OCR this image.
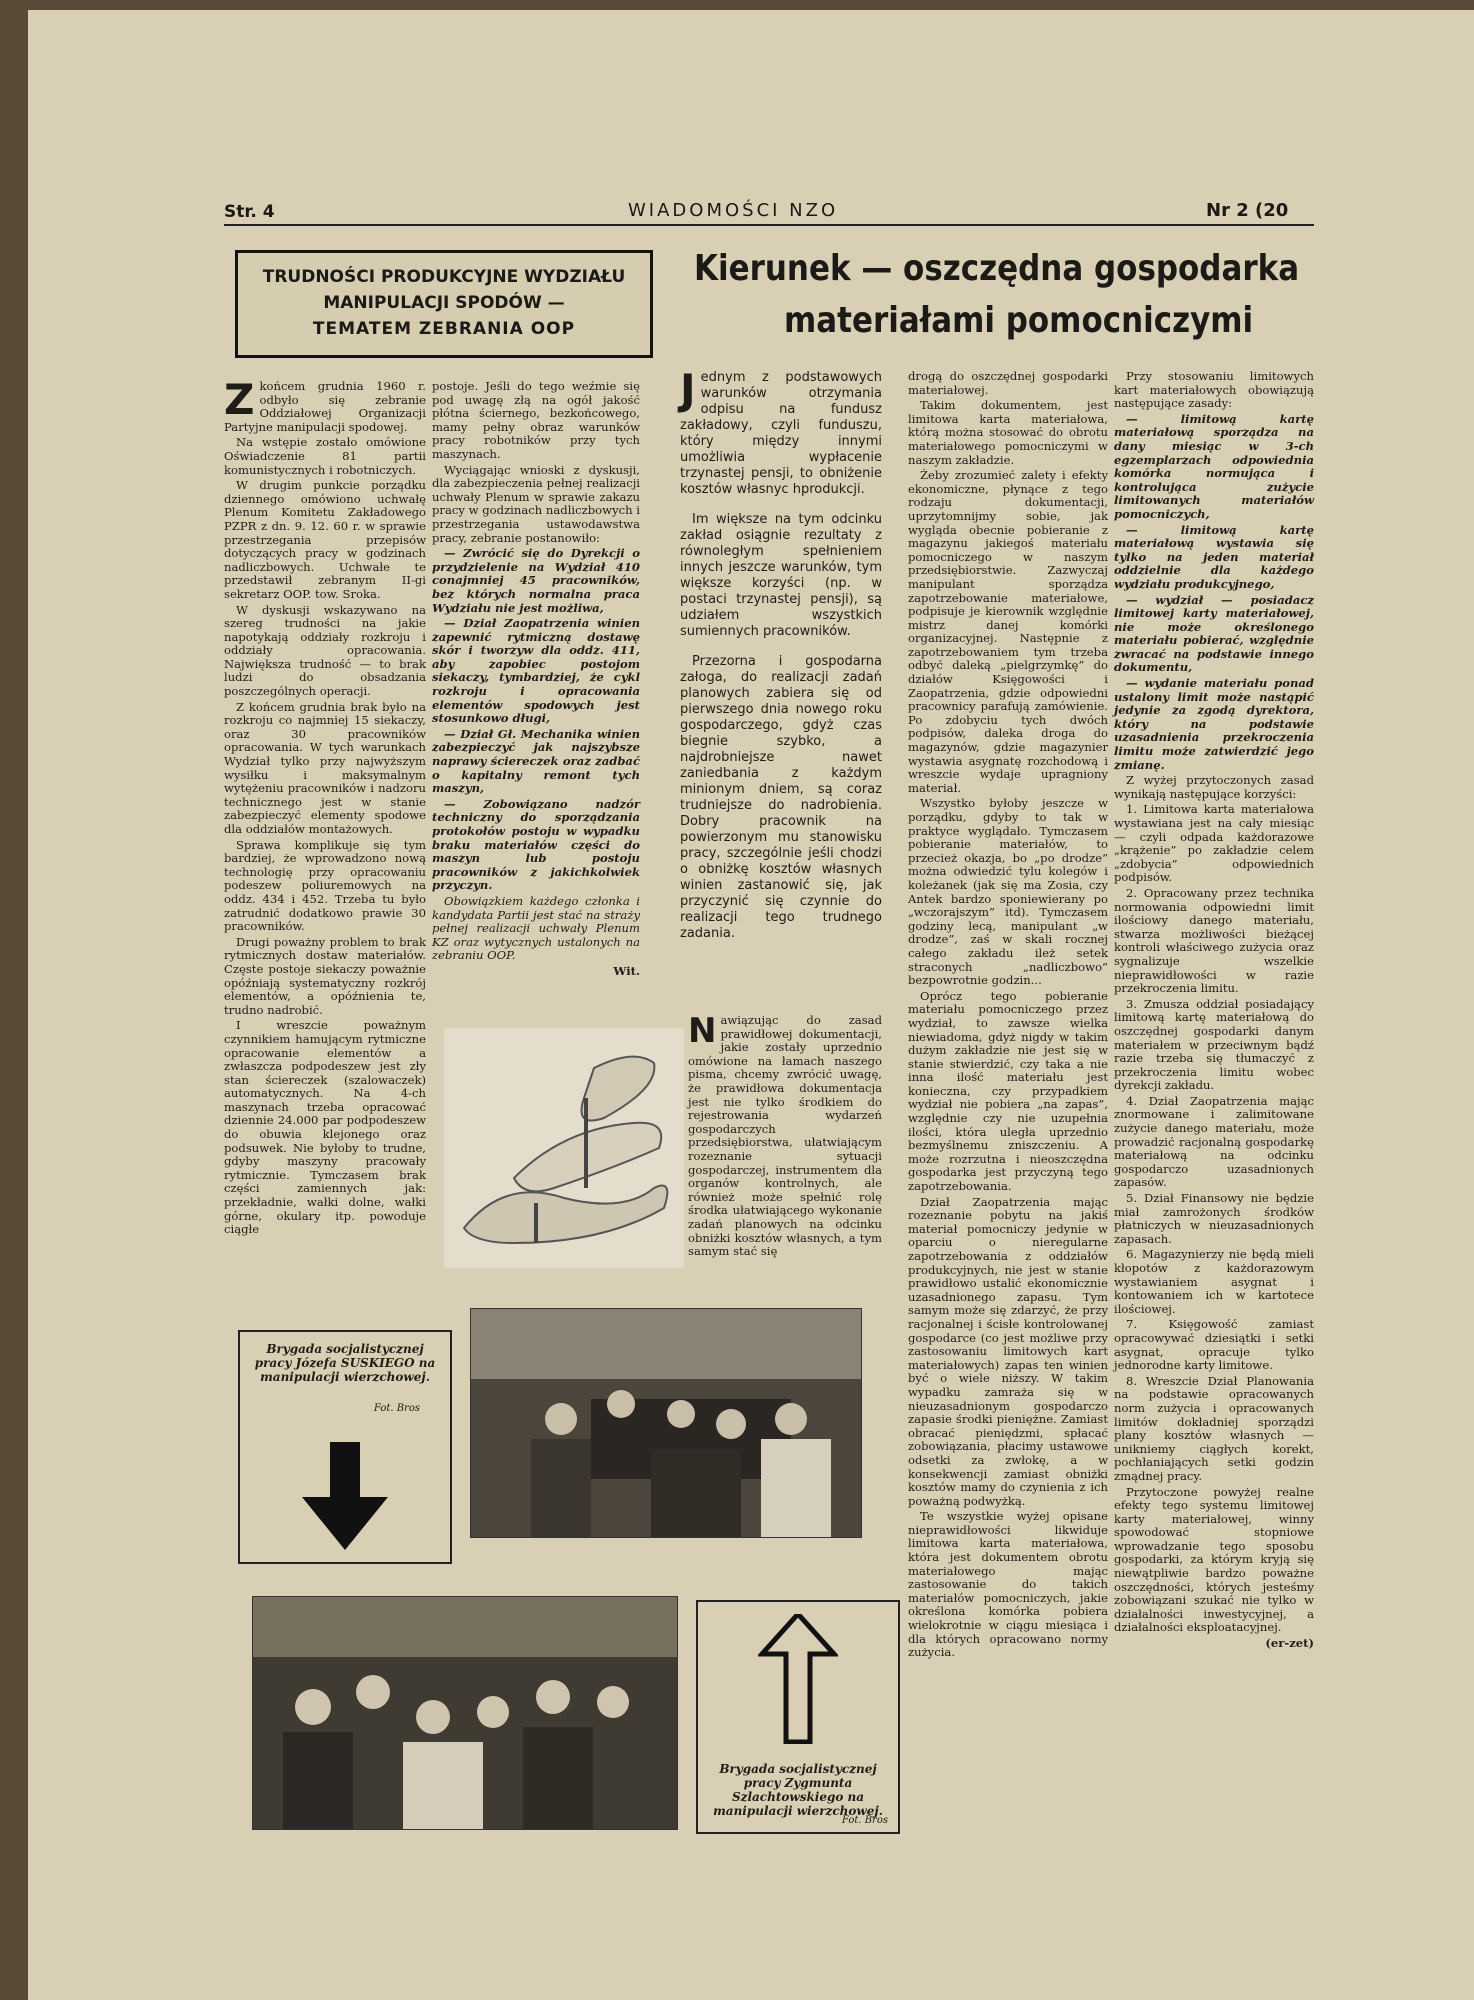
Str. 4	WIADOMOŚCI NZO	Nr 2 (20
TRUDNOŚCI PRODUKCYJNE WYDZIAŁU
MANIPULACJI SPODÓW —
TEMATEM ZEBRANIA OOP

Zkońcem grudnia 1960 r. odbyło się zebranie Oddziałowej Organizacji Partyjne manipulacji spodowej.

Na wstępie zostało omówione Oświadczenie 81 partii komunistycznych i robotniczych.

W drugim punkcie porządku dziennego omówiono uchwałę Plenum Komitetu Zakładowego PZPR z dn. 9. 12. 60 r. w sprawie przestrzegania przepisów dotyczących pracy w godzinach nadliczbowych. Uchwałe te przedstawił zebranym II-gi sekretarz OOP. tow. Sroka.

W dyskusji wskazywano na szereg trudności na jakie napotykają oddziały rozkroju i oddziały opracowania. Największa trudność — to brak ludzi do obsadzania poszczególnych operacji.

Z końcem grudnia brak było na rozkroju co najmniej 15 siekaczy, oraz 30 pracowników opracowania. W tych warunkach Wydział tylko przy najwyższym wysiłku i maksymalnym wytężeniu pracowników i nadzoru technicznego jest w stanie zabezpieczyć elementy spodowe dla oddziałów montażowych.

Sprawa komplikuje się tym bardziej, że wprowadzono nową technologię przy opracowaniu podeszew poliuremowych na oddz. 434 i 452. Trzeba tu było zatrudnić dodatkowo prawie 30 pracowników.

Drugi poważny problem to brak rytmicznych dostaw materiałów. Częste postoje siekaczy poważnie opóźniają systematyczny rozkrój elementów, a opóźnienia te, trudno nadrobić.

I wreszcie poważnym czynnikiem hamującym rytmiczne opracowanie elementów a zwłaszcza podpodeszew jest zły stan ściereczek (szalowaczek) automatycznych. Na 4-ch maszynach trzeba opracować dziennie 24.000 par podpodeszew do obuwia klejonego oraz podsuwek. Nie byłoby to trudne, gdyby maszyny pracowały rytmicznie. Tymczasem brak części zamiennych jak: przekładnie, wałki dolne, wałki górne, okulary itp. powoduje ciągłe

postoje. Jeśli do tego weźmie się pod uwagę złą na ogół jakość płótna ściernego, bezkońcowego, mamy pełny obraz warunków pracy robotników przy tych maszynach.

Wyciągając wnioski z dyskusji, dla zabezpieczenia pełnej realizacji uchwały Plenum w sprawie zakazu pracy w godzinach nadliczbowych i przestrzegania ustawodawstwa pracy, zebranie postanowiło:

— Zwrócić się do Dyrekcji o przydzielenie na Wydział 410 conajmniej 45 pracowników, bez których normalna praca Wydziału nie jest możliwa,

— Dział Zaopatrzenia winien zapewnić rytmiczną dostawę skór i tworzyw dla oddz. 411, aby zapobiec postojom siekaczy, tymbardziej, że cykl rozkroju i opracowania elementów spodowych jest stosunkowo długi,

— Dział Gł. Mechanika winien zabezpieczyć jak najszybsze naprawy ściereczek oraz zadbać o kapitalny remont tych maszyn,

— Zobowiązano nadzór techniczny do sporządzania protokołów postoju w wypadku braku materiałów części do maszyn lub postoju pracowników z jakichkolwiek przyczyn.

Obowiązkiem każdego członka i kandydata Partii jest stać na straży pełnej realizacji uchwały Plenum KZ oraz wytycznych ustalonych na zebraniu OOP.

Wit.

Brygada socjalistycznej pracy Józefa SUSKIEGO na manipulacji wierzchowej.
Fot. Bros
Kierunek — oszczędna gospodarka
materiałami pomocniczymi

Jednym z podstawowych warunków otrzymania odpisu na fundusz zakładowy, czyli funduszu, który między innymi umożliwia wypłacenie trzynastej pensji, to obniżenie kosztów własnyc hprodukcji.

Im większe na tym odcinku zakład osiągnie rezultaty z równoległym spełnieniem innych jeszcze warunków, tym większe korzyści (np. w postaci trzynastej pensji), są udziałem wszystkich sumiennych pracowników.

Przezorna i gospodarna załoga, do realizacji zadań planowych zabiera się od pierwszego dnia nowego roku gospodarczego, gdyż czas biegnie szybko, a najdrobniejsze nawet zaniedbania z każdym minionym dniem, są coraz trudniejsze do nadrobienia. Dobry pracownik na powierzonym mu stanowisku pracy, szczególnie jeśli chodzi o obniżkę kosztów własnych winien zastanowić się, jak przyczynić się czynnie do realizacji tego trudnego zadania.

Nawiązując do zasad prawidłowej dokumentacji, jakie zostały uprzednio omówione na łamach naszego pisma, chcemy zwrócić uwagę, że prawidłowa dokumentacja jest nie tylko środkiem do rejestrowania wydarzeń gospodarczych przedsiębiorstwa, ułatwiającym rozeznanie sytuacji gospodarczej, instrumentem dla organów kontrolnych, ale również może spełnić rolę środka ułatwiającego wykonanie zadań planowych na odcinku obniżki kosztów własnych, a tym samym stać się

Brygada socjalistycznej pracy Zygmunta Szlachtowskiego na manipulacji wierzchowej.
Fot. Bros

drogą do oszczędnej gospodarki materiałowej.

Takim dokumentem, jest limitowa karta materiałowa, którą można stosować do obrotu materiałowego pomocniczymi w naszym zakładzie.

Żeby zrozumieć zalety i efekty ekonomiczne, płynące z tego rodzaju dokumentacji, uprzytomnijmy sobie, jak wygląda obecnie pobieranie z magazynu jakiegoś materiału pomocniczego w naszym przedsiębiorstwie. Zazwyczaj manipulant sporządza zapotrzebowanie materiałowe, podpisuje je kierownik względnie mistrz danej komórki organizacyjnej. Następnie z zapotrzebowaniem tym trzeba odbyć daleką „pielgrzymkę” do działów Księgowości i Zaopatrzenia, gdzie odpowiedni pracownicy parafują zamówienie. Po zdobyciu tych dwóch podpisów, daleka droga do magazynów, gdzie magazynier wystawia asygnatę rozchodową i wreszcie wydaje upragniony materiał.

Wszystko byłoby jeszcze w porządku, gdyby to tak w praktyce wyglądało. Tymczasem pobieranie materiałów, to przecież okazja, bo „po drodze” można odwiedzić tylu kolegów i koleżanek (jak się ma Zosia, czy Antek bardzo sponiewierany po „wczorajszym” itd). Tymczasem godziny lecą, manipulant „w drodze”, zaś w skali rocznej całego zakładu ileż setek straconych „nadliczbowo” bezpowrotnie godzin...

Oprócz tego pobieranie materiału pomocniczego przez wydział, to zawsze wielka niewiadoma, gdyż nigdy w takim dużym zakładzie nie jest się w stanie stwierdzić, czy taka a nie inna ilość materiału jest konieczna, czy przypadkiem wydział nie pobiera „na zapas”, względnie czy nie uzupełnia ilości, która uległa uprzednio bezmyślnemu zniszczeniu. A może rozrzutna i nieoszczędna gospodarka jest przyczyną tego zapotrzebowania.

Dział Zaopatrzenia mając rozeznanie pobytu na jakiś materiał pomocniczy jedynie w oparciu o nieregularne zapotrzebowania z oddziałów produkcyjnych, nie jest w stanie prawidłowo ustalić ekonomicznie uzasadnionego zapasu. Tym samym może się zdarzyć, że przy racjonalnej i ścisłe kontrolowanej gospodarce (co jest możliwe przy zastosowaniu limitowych kart materiałowych) zapas ten winien być o wiele niższy. W takim wypadku zamraża się w nieuzasadnionym gospodarczo zapasie środki pieniężne. Zamiast obracać pieniędzmi, spłacać zobowiązania, płacimy ustawowe odsetki za zwłokę, a w konsekwencji zamiast obniżki kosztów mamy do czynienia z ich poważną podwyżką.

Te wszystkie wyżej opisane nieprawidłowości likwiduje limitowa karta materiałowa, która jest dokumentem obrotu materiałowego mając zastosowanie do takich materiałów pomocniczych, jakie określona komórka pobiera wielokrotnie w ciągu miesiąca i dla których opracowano normy zużycia.

Przy stosowaniu limitowych kart materiałowych obowiązują następujące zasady:

— limitową kartę materiałową sporządza na dany miesiąc w 3-ch egzemplarzach odpowiednia komórka normująca i kontrolująca zużycie limitowanych materiałów pomocniczych,

— limitową kartę materiałową wystawia się tylko na jeden materiał oddzielnie dla każdego wydziału produkcyjnego,

— wydział — posiadacz limitowej karty materiałowej, nie może określonego materiału pobierać, względnie zwracać na podstawie innego dokumentu,

— wydanie materiału ponad ustalony limit może nastąpić jedynie za zgodą dyrektora, który na podstawie uzasadnienia przekroczenia limitu może zatwierdzić jego zmianę.

Z wyżej przytoczonych zasad wynikają następujące korzyści:

1. Limitowa karta materiałowa wystawiana jest na cały miesiąc — czyli odpada każdorazowe „krążenie” po zakładzie celem „zdobycia” odpowiednich podpisów.

2. Opracowany przez technika normowania odpowiedni limit ilościowy danego materiału, stwarza możliwości bieżącej kontroli właściwego zużycia oraz sygnalizuje wszelkie nieprawidłowości w razie przekroczenia limitu.

3. Zmusza oddział posiadający limitową kartę materiałową do oszczędnej gospodarki danym materiałem w przeciwnym bądź razie trzeba się tłumaczyć z przekroczenia limitu wobec dyrekcji zakładu.

4. Dział Zaopatrzenia mając znormowane i zalimitowane zużycie danego materiału, może prowadzić racjonalną gospodarkę materiałową na odcinku gospodarczo uzasadnionych zapasów.

5. Dział Finansowy nie będzie miał zamrożonych środków płatniczych w nieuzasadnionych zapasach.

6. Magazynierzy nie będą mieli kłopotów z każdorazowym wystawianiem asygnat i kontowaniem ich w kartotece ilościowej.

7. Księgowość zamiast opracowywać dziesiątki i setki asygnat, opracuje tylko jednorodne karty limitowe.

8. Wreszcie Dział Planowania na podstawie opracowanych norm zużycia i opracowanych limitów dokładniej sporządzi plany kosztów własnych — unikniemy ciągłych korekt, pochłaniających setki godzin zmądnej pracy.

Przytoczone powyżej realne efekty tego systemu limitowej karty materiałowej, winny spowodować stopniowe wprowadzanie tego sposobu gospodarki, za którym kryją się niewątpliwie bardzo poważne oszczędności, których jesteśmy zobowiązani szukać nie tylko w działalności inwestycyjnej, a działalności eksploatacyjnej.

(er-zet)
